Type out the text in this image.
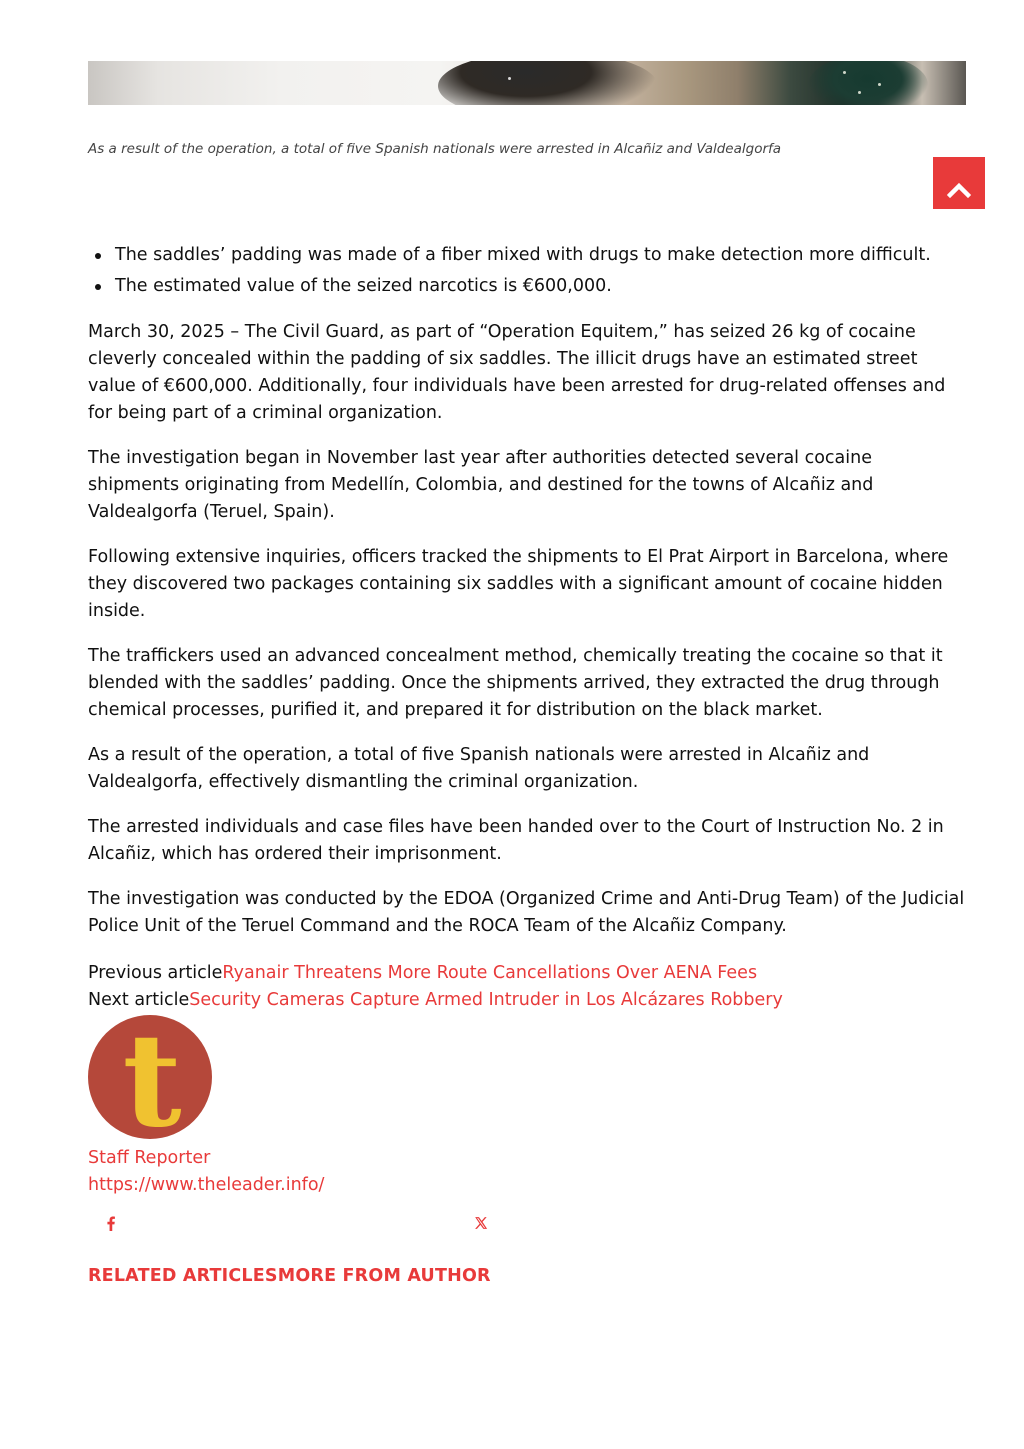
As a result of the operation, a total of five Spanish nationals were arrested in Alcañiz and Valdealgorfa
The saddles’ padding was made of a fiber mixed with drugs to make detection more difficult.
The estimated value of the seized narcotics is €600,000.

March 30, 2025 – The Civil Guard, as part of “Operation Equitem,” has seized 26 kg of cocaine cleverly concealed within the padding of six saddles. The illicit drugs have an estimated street value of €600,000. Additionally, four individuals have been arrested for drug-related offenses and for being part of a criminal organization.

The investigation began in November last year after authorities detected several cocaine shipments originating from Medellín, Colombia, and destined for the towns of Alcañiz and Valdealgorfa (Teruel, Spain).

Following extensive inquiries, officers tracked the shipments to El Prat Airport in Barcelona, where they discovered two packages containing six saddles with a significant amount of cocaine hidden inside.

The traffickers used an advanced concealment method, chemically treating the cocaine so that it blended with the saddles’ padding. Once the shipments arrived, they extracted the drug through chemical processes, purified it, and prepared it for distribution on the black market.

As a result of the operation, a total of five Spanish nationals were arrested in Alcañiz and Valdealgorfa, effectively dismantling the criminal organization.

The arrested individuals and case files have been handed over to the Court of Instruction No. 2 in Alcañiz, which has ordered their imprisonment.

The investigation was conducted by the EDOA (Organized Crime and Anti-Drug Team) of the Judicial Police Unit of the Teruel Command and the ROCA Team of the Alcañiz Company.

Previous articleRyanair Threatens More Route Cancellations Over AENA Fees
Next articleSecurity Cameras Capture Armed Intruder in Los Alcázares Robbery
t
Staff Reporter
https://www.theleader.info/
RELATED ARTICLESMORE FROM AUTHOR
